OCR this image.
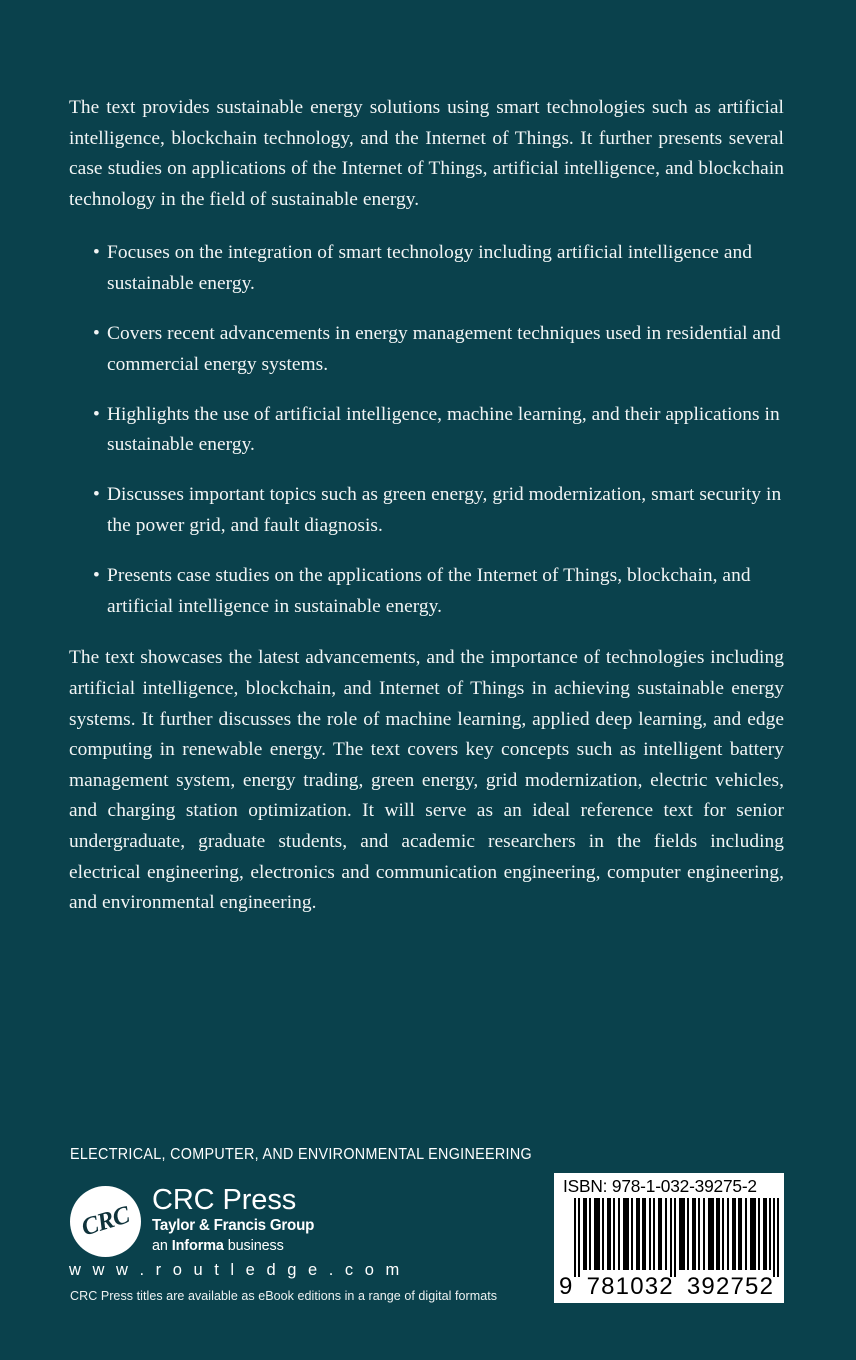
The text provides sustainable energy solutions using smart technologies such as artificial intelligence, blockchain technology, and the Internet of Things. It further presents several case studies on applications of the Internet of Things, artificial intelligence, and blockchain technology in the field of sustainable energy.

• Focuses on the integration of smart technology including artificial intelligence and sustainable energy.
• Covers recent advancements in energy management techniques used in residential and commercial energy systems.
• Highlights the use of artificial intelligence, machine learning, and their applications in sustainable energy.
• Discusses important topics such as green energy, grid modernization, smart security in the power grid, and fault diagnosis.
• Presents case studies on the applications of the Internet of Things, blockchain, and artificial intelligence in sustainable energy.

The text showcases the latest advancements, and the importance of technologies including artificial intelligence, blockchain, and Internet of Things in achieving sustainable energy systems. It further discusses the role of machine learning, applied deep learning, and edge computing in renewable energy. The text covers key concepts such as intelligent battery management system, energy trading, green energy, grid modernization, electric vehicles, and charging station optimization. It will serve as an ideal reference text for senior undergraduate, graduate students, and academic researchers in the fields including electrical engineering, electronics and communication engineering, computer engineering, and environmental engineering.

ELECTRICAL, COMPUTER, AND ENVIRONMENTAL ENGINEERING
CRC
CRC Press
Taylor & Francis Group
an Informa business
w w w . r o u t l e d g e . c o m
CRC Press titles are available as eBook editions in a range of digital formats
ISBN: 978-1-032-39275-2
9 781032 392752
